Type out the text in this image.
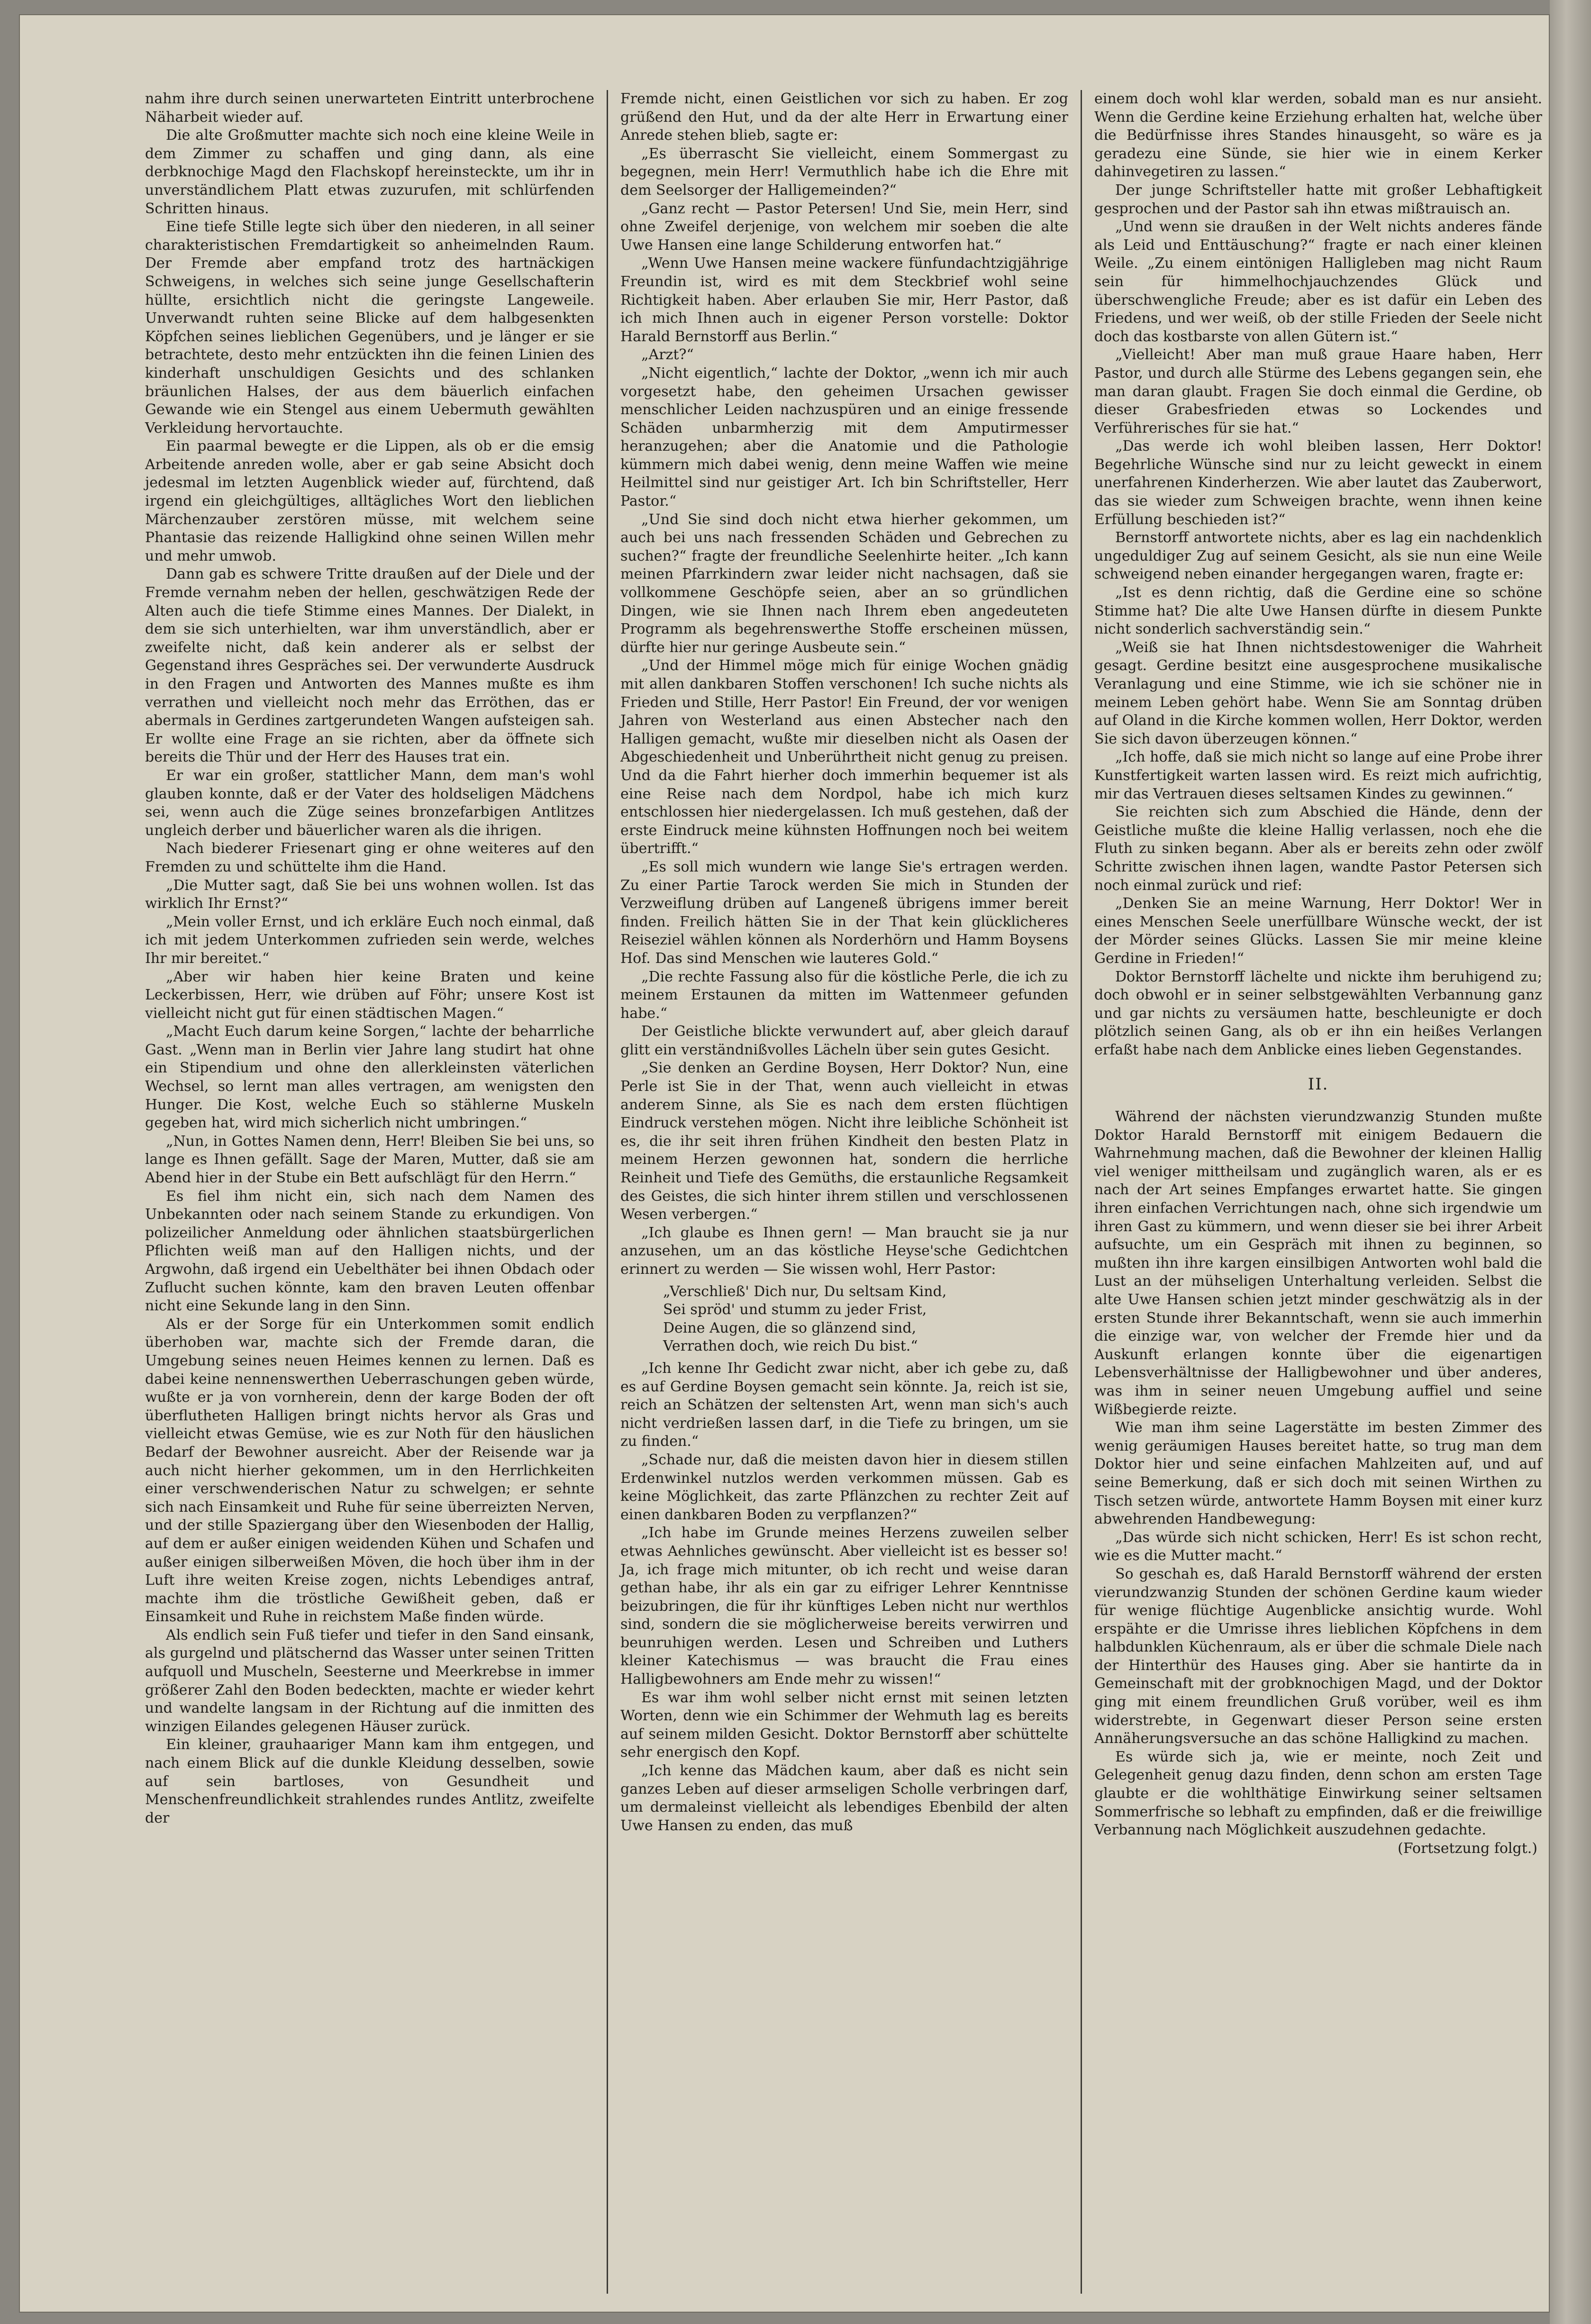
nahm ihre durch seinen unerwarteten Eintritt unterbrochene Näharbeit wieder auf.

Die alte Großmutter machte sich noch eine kleine Weile in dem Zimmer zu schaffen und ging dann, als eine derbknochige Magd den Flachskopf hereinsteckte, um ihr in unverständlichem Platt etwas zuzurufen, mit schlürfenden Schritten hinaus.

Eine tiefe Stille legte sich über den niederen, in all seiner charakteristischen Fremdartigkeit so anheimelnden Raum. Der Fremde aber empfand trotz des hartnäckigen Schweigens, in welches sich seine junge Gesellschafterin hüllte, ersichtlich nicht die geringste Langeweile. Unverwandt ruhten seine Blicke auf dem halbgesenkten Köpfchen seines lieblichen Gegenübers, und je länger er sie betrachtete, desto mehr entzückten ihn die feinen Linien des kinderhaft unschuldigen Gesichts und des schlanken bräunlichen Halses, der aus dem bäuerlich einfachen Gewande wie ein Stengel aus einem Uebermuth gewählten Verkleidung hervortauchte.

Ein paarmal bewegte er die Lippen, als ob er die emsig Arbeitende anreden wolle, aber er gab seine Absicht doch jedesmal im letzten Augenblick wieder auf, fürchtend, daß irgend ein gleichgültiges, alltägliches Wort den lieblichen Märchenzauber zerstören müsse, mit welchem seine Phantasie das reizende Halligkind ohne seinen Willen mehr und mehr umwob.

Dann gab es schwere Tritte draußen auf der Diele und der Fremde vernahm neben der hellen, geschwätzigen Rede der Alten auch die tiefe Stimme eines Mannes. Der Dialekt, in dem sie sich unterhielten, war ihm unverständlich, aber er zweifelte nicht, daß kein anderer als er selbst der Gegenstand ihres Gespräches sei. Der verwunderte Ausdruck in den Fragen und Antworten des Mannes mußte es ihm verrathen und vielleicht noch mehr das Erröthen, das er abermals in Gerdines zartgerundeten Wangen aufsteigen sah. Er wollte eine Frage an sie richten, aber da öffnete sich bereits die Thür und der Herr des Hauses trat ein.

Er war ein großer, stattlicher Mann, dem man's wohl glauben konnte, daß er der Vater des holdseligen Mädchens sei, wenn auch die Züge seines bronzefarbigen Antlitzes ungleich derber und bäuerlicher waren als die ihrigen.

Nach biederer Friesenart ging er ohne weiteres auf den Fremden zu und schüttelte ihm die Hand.

„Die Mutter sagt, daß Sie bei uns wohnen wollen. Ist das wirklich Ihr Ernst?“

„Mein voller Ernst, und ich erkläre Euch noch einmal, daß ich mit jedem Unterkommen zufrieden sein werde, welches Ihr mir bereitet.“

„Aber wir haben hier keine Braten und keine Leckerbissen, Herr, wie drüben auf Föhr; unsere Kost ist vielleicht nicht gut für einen städtischen Magen.“

„Macht Euch darum keine Sorgen,“ lachte der beharrliche Gast. „Wenn man in Berlin vier Jahre lang studirt hat ohne ein Stipendium und ohne den allerkleinsten väterlichen Wechsel, so lernt man alles vertragen, am wenigsten den Hunger. Die Kost, welche Euch so stählerne Muskeln gegeben hat, wird mich sicherlich nicht umbringen.“

„Nun, in Gottes Namen denn, Herr! Bleiben Sie bei uns, so lange es Ihnen gefällt. Sage der Maren, Mutter, daß sie am Abend hier in der Stube ein Bett aufschlägt für den Herrn.“

Es fiel ihm nicht ein, sich nach dem Namen des Unbekannten oder nach seinem Stande zu erkundigen. Von polizeilicher Anmeldung oder ähnlichen staatsbürgerlichen Pflichten weiß man auf den Halligen nichts, und der Argwohn, daß irgend ein Uebelthäter bei ihnen Obdach oder Zuflucht suchen könnte, kam den braven Leuten offenbar nicht eine Sekunde lang in den Sinn.

Als er der Sorge für ein Unterkommen somit endlich überhoben war, machte sich der Fremde daran, die Umgebung seines neuen Heimes kennen zu lernen. Daß es dabei keine nennenswerthen Ueberraschungen geben würde, wußte er ja von vornherein, denn der karge Boden der oft überflutheten Halligen bringt nichts hervor als Gras und vielleicht etwas Gemüse, wie es zur Noth für den häuslichen Bedarf der Bewohner ausreicht. Aber der Reisende war ja auch nicht hierher gekommen, um in den Herrlichkeiten einer verschwenderischen Natur zu schwelgen; er sehnte sich nach Einsamkeit und Ruhe für seine überreizten Nerven, und der stille Spaziergang über den Wiesenboden der Hallig, auf dem er außer einigen weidenden Kühen und Schafen und außer einigen silberweißen Möven, die hoch über ihm in der Luft ihre weiten Kreise zogen, nichts Lebendiges antraf, machte ihm die tröstliche Gewißheit geben, daß er Einsamkeit und Ruhe in reichstem Maße finden würde.

Als endlich sein Fuß tiefer und tiefer in den Sand einsank, als gurgelnd und plätschernd das Wasser unter seinen Tritten aufquoll und Muscheln, Seesterne und Meerkrebse in immer größerer Zahl den Boden bedeckten, machte er wieder kehrt und wandelte langsam in der Richtung auf die inmitten des winzigen Eilandes gelegenen Häuser zurück.

Ein kleiner, grauhaariger Mann kam ihm entgegen, und nach einem Blick auf die dunkle Kleidung desselben, sowie auf sein bartloses, von Gesundheit und Menschenfreundlichkeit strahlendes rundes Antlitz, zweifelte der

Fremde nicht, einen Geistlichen vor sich zu haben. Er zog grüßend den Hut, und da der alte Herr in Erwartung einer Anrede stehen blieb, sagte er:

„Es überrascht Sie vielleicht, einem Sommergast zu begegnen, mein Herr! Vermuthlich habe ich die Ehre mit dem Seelsorger der Halligemeinden?“

„Ganz recht — Pastor Petersen! Und Sie, mein Herr, sind ohne Zweifel derjenige, von welchem mir soeben die alte Uwe Hansen eine lange Schilderung entworfen hat.“

„Wenn Uwe Hansen meine wackere fünfundachtzigjährige Freundin ist, wird es mit dem Steckbrief wohl seine Richtigkeit haben. Aber erlauben Sie mir, Herr Pastor, daß ich mich Ihnen auch in eigener Person vorstelle: Doktor Harald Bernstorff aus Berlin.“

„Arzt?“

„Nicht eigentlich,“ lachte der Doktor, „wenn ich mir auch vorgesetzt habe, den geheimen Ursachen gewisser menschlicher Leiden nachzuspüren und an einige fressende Schäden unbarmherzig mit dem Amputirmesser heranzugehen; aber die Anatomie und die Pathologie kümmern mich dabei wenig, denn meine Waffen wie meine Heilmittel sind nur geistiger Art. Ich bin Schriftsteller, Herr Pastor.“

„Und Sie sind doch nicht etwa hierher gekommen, um auch bei uns nach fressenden Schäden und Gebrechen zu suchen?“ fragte der freundliche Seelenhirte heiter. „Ich kann meinen Pfarrkindern zwar leider nicht nachsagen, daß sie vollkommene Geschöpfe seien, aber an so gründlichen Dingen, wie sie Ihnen nach Ihrem eben angedeuteten Programm als begehrenswerthe Stoffe erscheinen müssen, dürfte hier nur geringe Ausbeute sein.“

„Und der Himmel möge mich für einige Wochen gnädig mit allen dankbaren Stoffen verschonen! Ich suche nichts als Frieden und Stille, Herr Pastor! Ein Freund, der vor wenigen Jahren von Westerland aus einen Abstecher nach den Halligen gemacht, wußte mir dieselben nicht als Oasen der Abgeschiedenheit und Unberührtheit nicht genug zu preisen. Und da die Fahrt hierher doch immerhin bequemer ist als eine Reise nach dem Nordpol, habe ich mich kurz entschlossen hier niedergelassen. Ich muß gestehen, daß der erste Eindruck meine kühnsten Hoffnungen noch bei weitem übertrifft.“

„Es soll mich wundern wie lange Sie's ertragen werden. Zu einer Partie Tarock werden Sie mich in Stunden der Verzweiflung drüben auf Langeneß übrigens immer bereit finden. Freilich hätten Sie in der That kein glücklicheres Reiseziel wählen können als Norderhörn und Hamm Boysens Hof. Das sind Menschen wie lauteres Gold.“

„Die rechte Fassung also für die köstliche Perle, die ich zu meinem Erstaunen da mitten im Wattenmeer gefunden habe.“

Der Geistliche blickte verwundert auf, aber gleich darauf glitt ein verständnißvolles Lächeln über sein gutes Gesicht.

„Sie denken an Gerdine Boysen, Herr Doktor? Nun, eine Perle ist Sie in der That, wenn auch vielleicht in etwas anderem Sinne, als Sie es nach dem ersten flüchtigen Eindruck verstehen mögen. Nicht ihre leibliche Schönheit ist es, die ihr seit ihren frühen Kindheit den besten Platz in meinem Herzen gewonnen hat, sondern die herrliche Reinheit und Tiefe des Gemüths, die erstaunliche Regsamkeit des Geistes, die sich hinter ihrem stillen und verschlossenen Wesen verbergen.“

„Ich glaube es Ihnen gern! — Man braucht sie ja nur anzusehen, um an das köstliche Heyse'sche Gedichtchen erinnert zu werden — Sie wissen wohl, Herr Pastor:

„Verschließ' Dich nur, Du seltsam Kind,
Sei spröd' und stumm zu jeder Frist,
Deine Augen, die so glänzend sind,
Verrathen doch, wie reich Du bist.“

„Ich kenne Ihr Gedicht zwar nicht, aber ich gebe zu, daß es auf Gerdine Boysen gemacht sein könnte. Ja, reich ist sie, reich an Schätzen der seltensten Art, wenn man sich's auch nicht verdrießen lassen darf, in die Tiefe zu bringen, um sie zu finden.“

„Schade nur, daß die meisten davon hier in diesem stillen Erdenwinkel nutzlos werden verkommen müssen. Gab es keine Möglichkeit, das zarte Pflänzchen zu rechter Zeit auf einen dankbaren Boden zu verpflanzen?“

„Ich habe im Grunde meines Herzens zuweilen selber etwas Aehnliches gewünscht. Aber vielleicht ist es besser so! Ja, ich frage mich mitunter, ob ich recht und weise daran gethan habe, ihr als ein gar zu eifriger Lehrer Kenntnisse beizubringen, die für ihr künftiges Leben nicht nur werthlos sind, sondern die sie möglicherweise bereits verwirren und beunruhigen werden. Lesen und Schreiben und Luthers kleiner Katechismus — was braucht die Frau eines Halligbewohners am Ende mehr zu wissen!“

Es war ihm wohl selber nicht ernst mit seinen letzten Worten, denn wie ein Schimmer der Wehmuth lag es bereits auf seinem milden Gesicht. Doktor Bernstorff aber schüttelte sehr energisch den Kopf.

„Ich kenne das Mädchen kaum, aber daß es nicht sein ganzes Leben auf dieser armseligen Scholle verbringen darf, um dermaleinst vielleicht als lebendiges Ebenbild der alten Uwe Hansen zu enden, das muß

einem doch wohl klar werden, sobald man es nur ansieht. Wenn die Gerdine keine Erziehung erhalten hat, welche über die Bedürfnisse ihres Standes hinausgeht, so wäre es ja geradezu eine Sünde, sie hier wie in einem Kerker dahinvegetiren zu lassen.“

Der junge Schriftsteller hatte mit großer Lebhaftigkeit gesprochen und der Pastor sah ihn etwas mißtrauisch an.

„Und wenn sie draußen in der Welt nichts anderes fände als Leid und Enttäuschung?“ fragte er nach einer kleinen Weile. „Zu einem eintönigen Halligleben mag nicht Raum sein für himmelhochjauchzendes Glück und überschwengliche Freude; aber es ist dafür ein Leben des Friedens, und wer weiß, ob der stille Frieden der Seele nicht doch das kostbarste von allen Gütern ist.“

„Vielleicht! Aber man muß graue Haare haben, Herr Pastor, und durch alle Stürme des Lebens gegangen sein, ehe man daran glaubt. Fragen Sie doch einmal die Gerdine, ob dieser Grabesfrieden etwas so Lockendes und Verführerisches für sie hat.“

„Das werde ich wohl bleiben lassen, Herr Doktor! Begehrliche Wünsche sind nur zu leicht geweckt in einem unerfahrenen Kinderherzen. Wie aber lautet das Zauberwort, das sie wieder zum Schweigen brachte, wenn ihnen keine Erfüllung beschieden ist?“

Bernstorff antwortete nichts, aber es lag ein nachdenklich ungeduldiger Zug auf seinem Gesicht, als sie nun eine Weile schweigend neben einander hergegangen waren, fragte er:

„Ist es denn richtig, daß die Gerdine eine so schöne Stimme hat? Die alte Uwe Hansen dürfte in diesem Punkte nicht sonderlich sachverständig sein.“

„Weiß sie hat Ihnen nichtsdestoweniger die Wahrheit gesagt. Gerdine besitzt eine ausgesprochene musikalische Veranlagung und eine Stimme, wie ich sie schöner nie in meinem Leben gehört habe. Wenn Sie am Sonntag drüben auf Oland in die Kirche kommen wollen, Herr Doktor, werden Sie sich davon überzeugen können.“

„Ich hoffe, daß sie mich nicht so lange auf eine Probe ihrer Kunstfertigkeit warten lassen wird. Es reizt mich aufrichtig, mir das Vertrauen dieses seltsamen Kindes zu gewinnen.“

Sie reichten sich zum Abschied die Hände, denn der Geistliche mußte die kleine Hallig verlassen, noch ehe die Fluth zu sinken begann. Aber als er bereits zehn oder zwölf Schritte zwischen ihnen lagen, wandte Pastor Petersen sich noch einmal zurück und rief:

„Denken Sie an meine Warnung, Herr Doktor! Wer in eines Menschen Seele unerfüllbare Wünsche weckt, der ist der Mörder seines Glücks. Lassen Sie mir meine kleine Gerdine in Frieden!“

Doktor Bernstorff lächelte und nickte ihm beruhigend zu; doch obwohl er in seiner selbstgewählten Verbannung ganz und gar nichts zu versäumen hatte, beschleunigte er doch plötzlich seinen Gang, als ob er ihn ein heißes Verlangen erfaßt habe nach dem Anblicke eines lieben Gegenstandes.

II.

Während der nächsten vierundzwanzig Stunden mußte Doktor Harald Bernstorff mit einigem Bedauern die Wahrnehmung machen, daß die Bewohner der kleinen Hallig viel weniger mittheilsam und zugänglich waren, als er es nach der Art seines Empfanges erwartet hatte. Sie gingen ihren einfachen Verrichtungen nach, ohne sich irgendwie um ihren Gast zu kümmern, und wenn dieser sie bei ihrer Arbeit aufsuchte, um ein Gespräch mit ihnen zu beginnen, so mußten ihn ihre kargen einsilbigen Antworten wohl bald die Lust an der mühseligen Unterhaltung verleiden. Selbst die alte Uwe Hansen schien jetzt minder geschwätzig als in der ersten Stunde ihrer Bekanntschaft, wenn sie auch immerhin die einzige war, von welcher der Fremde hier und da Auskunft erlangen konnte über die eigenartigen Lebensverhältnisse der Halligbewohner und über anderes, was ihm in seiner neuen Umgebung auffiel und seine Wißbegierde reizte.

Wie man ihm seine Lagerstätte im besten Zimmer des wenig geräumigen Hauses bereitet hatte, so trug man dem Doktor hier und seine einfachen Mahlzeiten auf, und auf seine Bemerkung, daß er sich doch mit seinen Wirthen zu Tisch setzen würde, antwortete Hamm Boysen mit einer kurz abwehrenden Handbewegung:

„Das würde sich nicht schicken, Herr! Es ist schon recht, wie es die Mutter macht.“

So geschah es, daß Harald Bernstorff während der ersten vierundzwanzig Stunden der schönen Gerdine kaum wieder für wenige flüchtige Augenblicke ansichtig wurde. Wohl erspähte er die Umrisse ihres lieblichen Köpfchens in dem halbdunklen Küchenraum, als er über die schmale Diele nach der Hinterthür des Hauses ging. Aber sie hantirte da in Gemeinschaft mit der grobknochigen Magd, und der Doktor ging mit einem freundlichen Gruß vorüber, weil es ihm widerstrebte, in Gegenwart dieser Person seine ersten Annäherungsversuche an das schöne Halligkind zu machen.

Es würde sich ja, wie er meinte, noch Zeit und Gelegenheit genug dazu finden, denn schon am ersten Tage glaubte er die wohlthätige Einwirkung seiner seltsamen Sommerfrische so lebhaft zu empfinden, daß er die freiwillige Verbannung nach Möglichkeit auszudehnen gedachte.

(Fortsetzung folgt.)
